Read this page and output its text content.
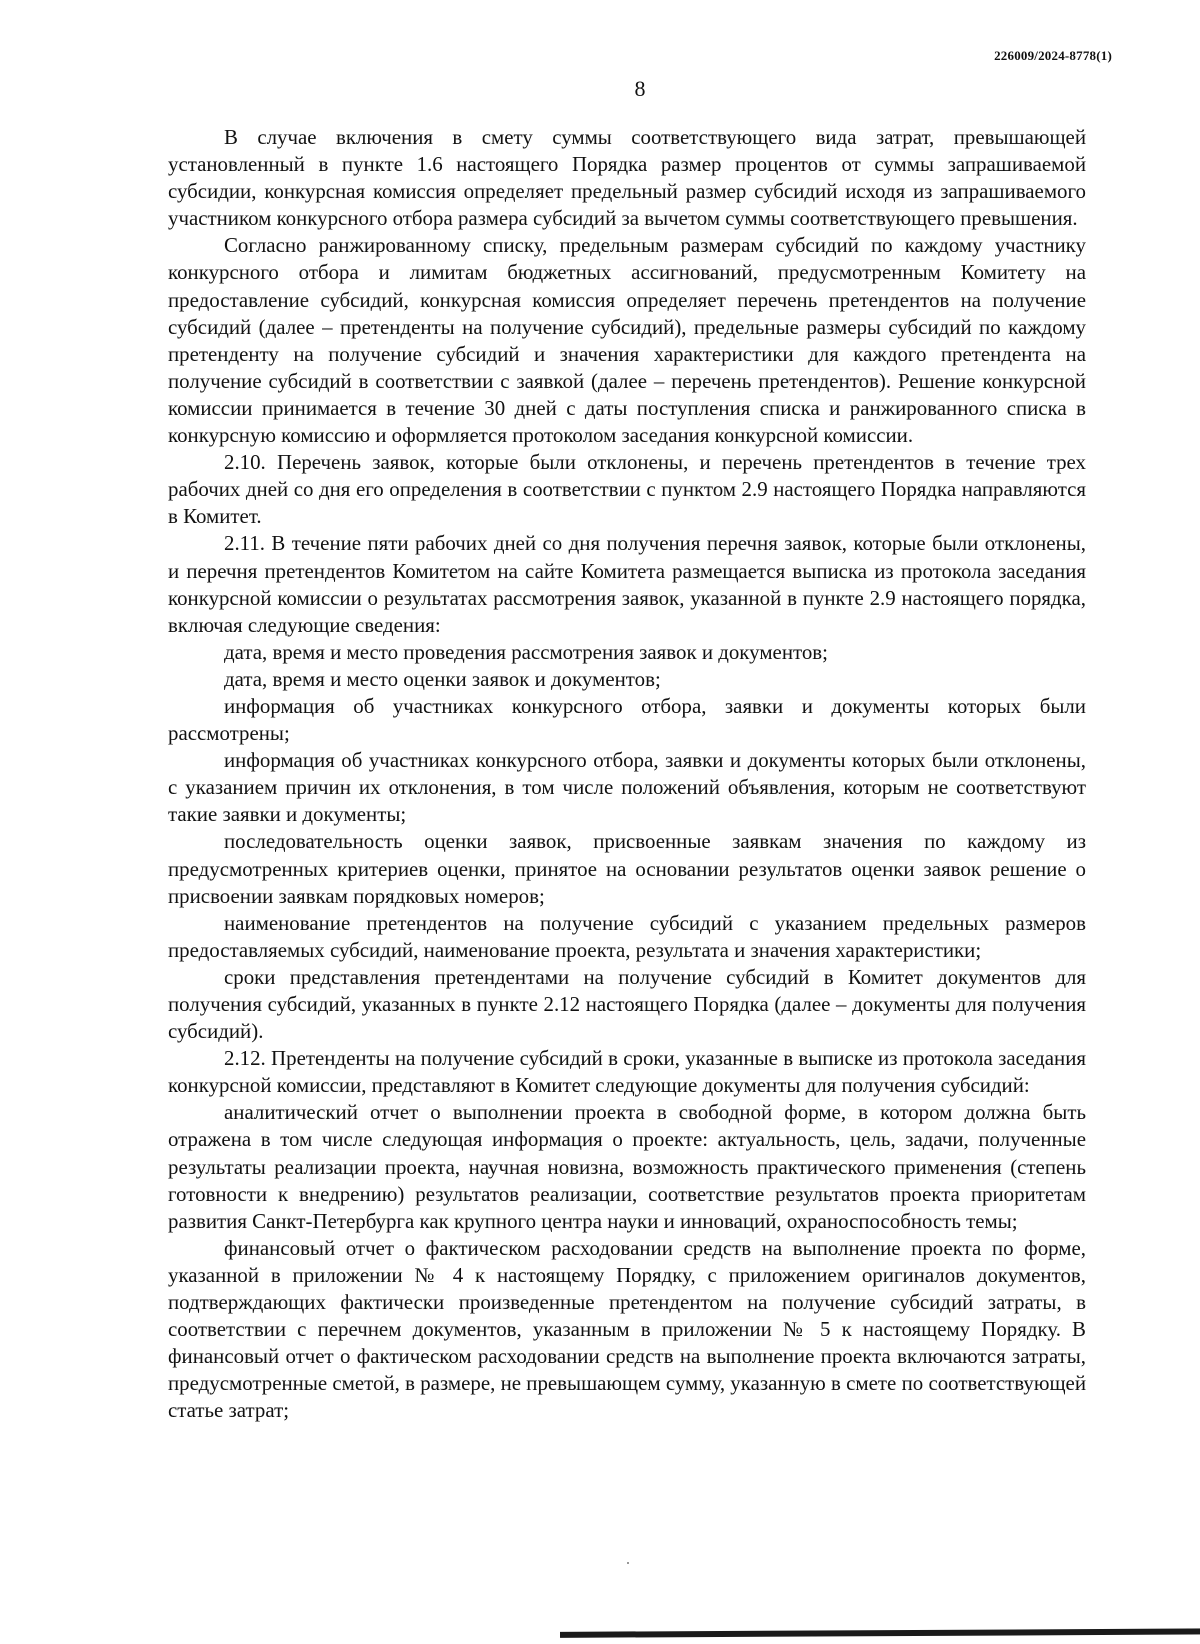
226009/2024-8778(1)
8

В случае включения в смету суммы соответствующего вида затрат, превышающей установленный в пункте 1.6 настоящего Порядка размер процентов от суммы запрашиваемой субсидии, конкурсная комиссия определяет предельный размер субсидий исходя из запрашиваемого участником конкурсного отбора размера субсидий за вычетом суммы соответствующего превышения.

Согласно ранжированному списку, предельным размерам субсидий по каждому участнику конкурсного отбора и лимитам бюджетных ассигнований, предусмотренным Комитету на предоставление субсидий, конкурсная комиссия определяет перечень претендентов на получение субсидий (далее – претенденты на получение субсидий), предельные размеры субсидий по каждому претенденту на получение субсидий и значения характеристики для каждого претендента на получение субсидий в соответствии с заявкой (далее – перечень претендентов). Решение конкурсной комиссии принимается в течение 30 дней с даты поступления списка и ранжированного списка в конкурсную комиссию и оформляется протоколом заседания конкурсной комиссии.

2.10. Перечень заявок, которые были отклонены, и перечень претендентов в течение трех рабочих дней со дня его определения в соответствии с пунктом 2.9 настоящего Порядка направляются в Комитет.

2.11. В течение пяти рабочих дней со дня получения перечня заявок, которые были отклонены, и перечня претендентов Комитетом на сайте Комитета размещается выписка из протокола заседания конкурсной комиссии о результатах рассмотрения заявок, указанной в пункте 2.9 настоящего порядка, включая следующие сведения:

дата, время и место проведения рассмотрения заявок и документов;

дата, время и место оценки заявок и документов;

информация об участниках конкурсного отбора, заявки и документы которых были рассмотрены;

информация об участниках конкурсного отбора, заявки и документы которых были отклонены, с указанием причин их отклонения, в том числе положений объявления, которым не соответствуют такие заявки и документы;

последовательность оценки заявок, присвоенные заявкам значения по каждому из предусмотренных критериев оценки, принятое на основании результатов оценки заявок решение о присвоении заявкам порядковых номеров;

наименование претендентов на получение субсидий с указанием предельных размеров предоставляемых субсидий, наименование проекта, результата и значения характеристики;

сроки представления претендентами на получение субсидий в Комитет документов для получения субсидий, указанных в пункте 2.12 настоящего Порядка (далее – документы для получения субсидий).

2.12. Претенденты на получение субсидий в сроки, указанные в выписке из протокола заседания конкурсной комиссии, представляют в Комитет следующие документы для получения субсидий:

аналитический отчет о выполнении проекта в свободной форме, в котором должна быть отражена в том числе следующая информация о проекте: актуальность, цель, задачи, полученные результаты реализации проекта, научная новизна, возможность практического применения (степень готовности к внедрению) результатов реализации, соответствие результатов проекта приоритетам развития Санкт-Петербурга как крупного центра науки и инноваций, охраноспособность темы;

финансовый отчет о фактическом расходовании средств на выполнение проекта по форме, указанной в приложении № 4 к настоящему Порядку, с приложением оригиналов документов, подтверждающих фактически произведенные претендентом на получение субсидий затраты, в соответствии с перечнем документов, указанным в приложении № 5 к настоящему Порядку. В финансовый отчет о фактическом расходовании средств на выполнение проекта включаются затраты, предусмотренные сметой, в размере, не превышающем сумму, указанную в смете по соответствующей статье затрат;
